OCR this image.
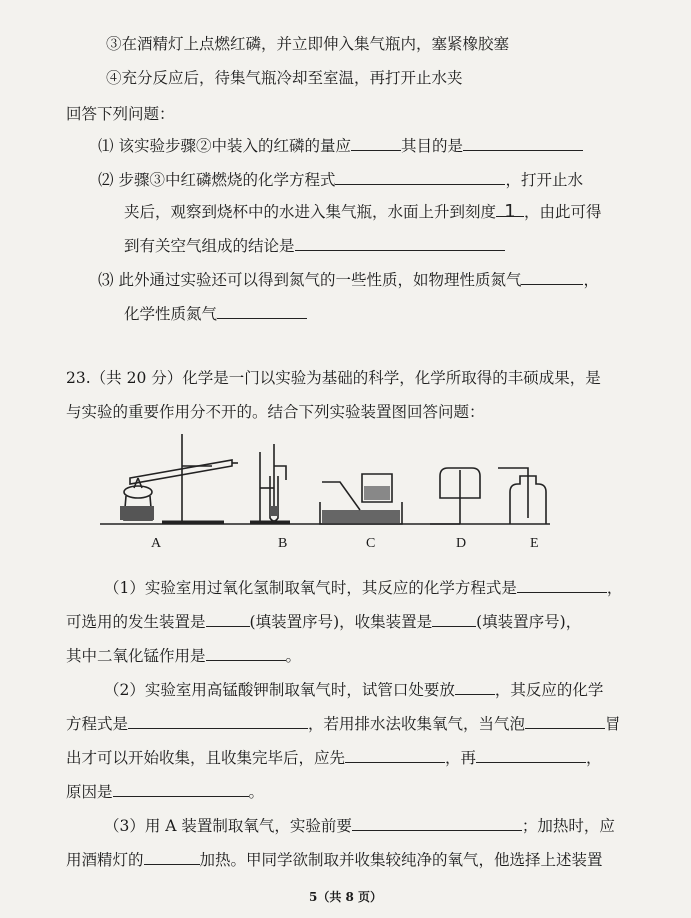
③在酒精灯上点燃红磷，并立即伸入集气瓶内，塞紧橡胶塞
④充分反应后，待集气瓶冷却至室温，再打开止水夹
回答下列问题：
⑴ 该实验步骤②中装入的红磷的量应	其目的是
⑵ 步骤③中红磷燃烧的化学方程式	，打开止水
夹后，观察到烧杯中的水进入集气瓶，水面上升到刻度 1 ，由此可得
到有关空气组成的结论是
⑶ 此外通过实验还可以得到氮气的一些性质，如物理性质氮气	，
化学性质氮气
23.（共 20 分）化学是一门以实验为基础的科学，化学所取得的丰硕成果，是
与实验的重要作用分不开的。结合下列实验装置图回答问题：
A	B	C	D	E
（1）实验室用过氧化氢制取氧气时，其反应的化学方程式是	，
可选用的发生装置是	(填装置序号)，收集装置是	(填装置序号)，
其中二氧化锰作用是	。
（2）实验室用高锰酸钾制取氧气时，试管口处要放	，其反应的化学
方程式是	，若用排水法收集氧气，当气泡	冒
出才可以开始收集，且收集完毕后，应先	，再	，
原因是	。
（3）用 A 装置制取氧气，实验前要	；加热时，应
用酒精灯的	加热。甲同学欲制取并收集较纯净的氧气，他选择上述装置
5（共 8 页）
